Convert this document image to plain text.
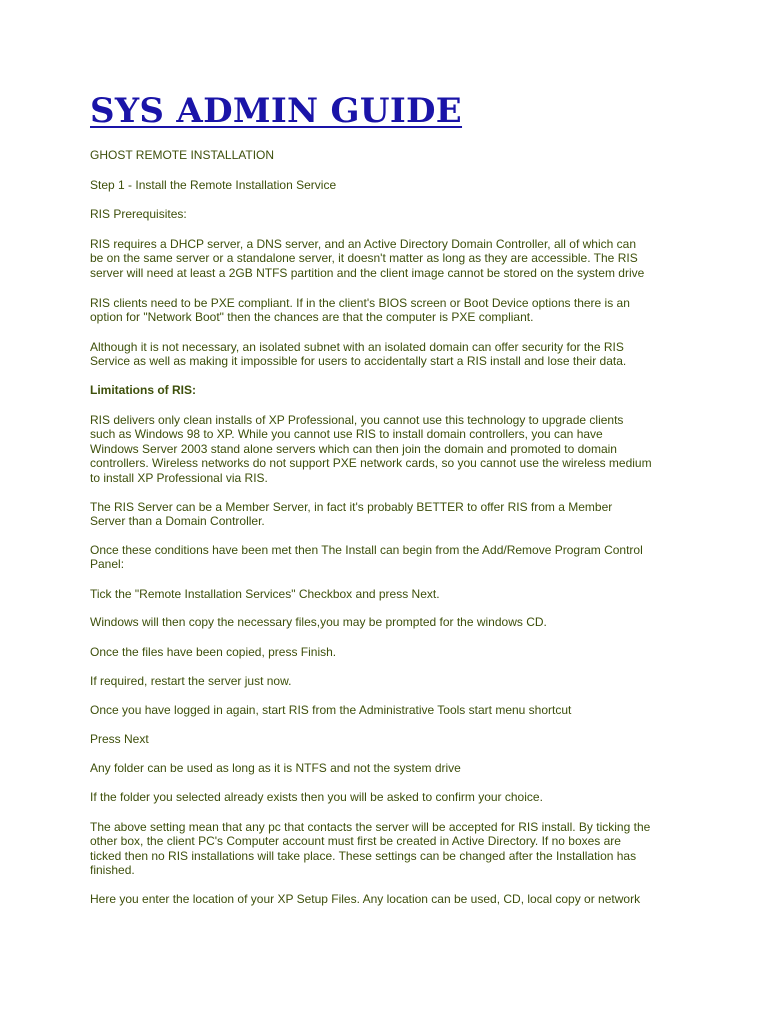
SYS ADMIN GUIDE

GHOST REMOTE INSTALLATION

Step 1 - Install the Remote Installation Service

RIS Prerequisites:

RIS requires a DHCP server, a DNS server, and an Active Directory Domain Controller, all of which can
be on the same server or a standalone server, it doesn't matter as long as they are accessible. The RIS
server will need at least a 2GB NTFS partition and the client image cannot be stored on the system drive

RIS clients need to be PXE compliant. If in the client's BIOS screen or Boot Device options there is an
option for "Network Boot" then the chances are that the computer is PXE compliant.

Although it is not necessary, an isolated subnet with an isolated domain can offer security for the RIS
Service as well as making it impossible for users to accidentally start a RIS install and lose their data.

Limitations of RIS:

RIS delivers only clean installs of XP Professional, you cannot use this technology to upgrade clients
such as Windows 98 to XP. While you cannot use RIS to install domain controllers, you can have
Windows Server 2003 stand alone servers which can then join the domain and promoted to domain
controllers. Wireless networks do not support PXE network cards, so you cannot use the wireless medium
to install XP Professional via RIS.

The RIS Server can be a Member Server, in fact it's probably BETTER to offer RIS from a Member
Server than a Domain Controller.

Once these conditions have been met then The Install can begin from the Add/Remove Program Control
Panel:

Tick the "Remote Installation Services" Checkbox and press Next.

Windows will then copy the necessary files,you may be prompted for the windows CD.

Once the files have been copied, press Finish.

If required, restart the server just now.

Once you have logged in again, start RIS from the Administrative Tools start menu shortcut

Press Next

Any folder can be used as long as it is NTFS and not the system drive

If the folder you selected already exists then you will be asked to confirm your choice.

The above setting mean that any pc that contacts the server will be accepted for RIS install. By ticking the
other box, the client PC's Computer account must first be created in Active Directory. If no boxes are
ticked then no RIS installations will take place. These settings can be changed after the Installation has
finished.

Here you enter the location of your XP Setup Files. Any location can be used, CD, local copy or network
